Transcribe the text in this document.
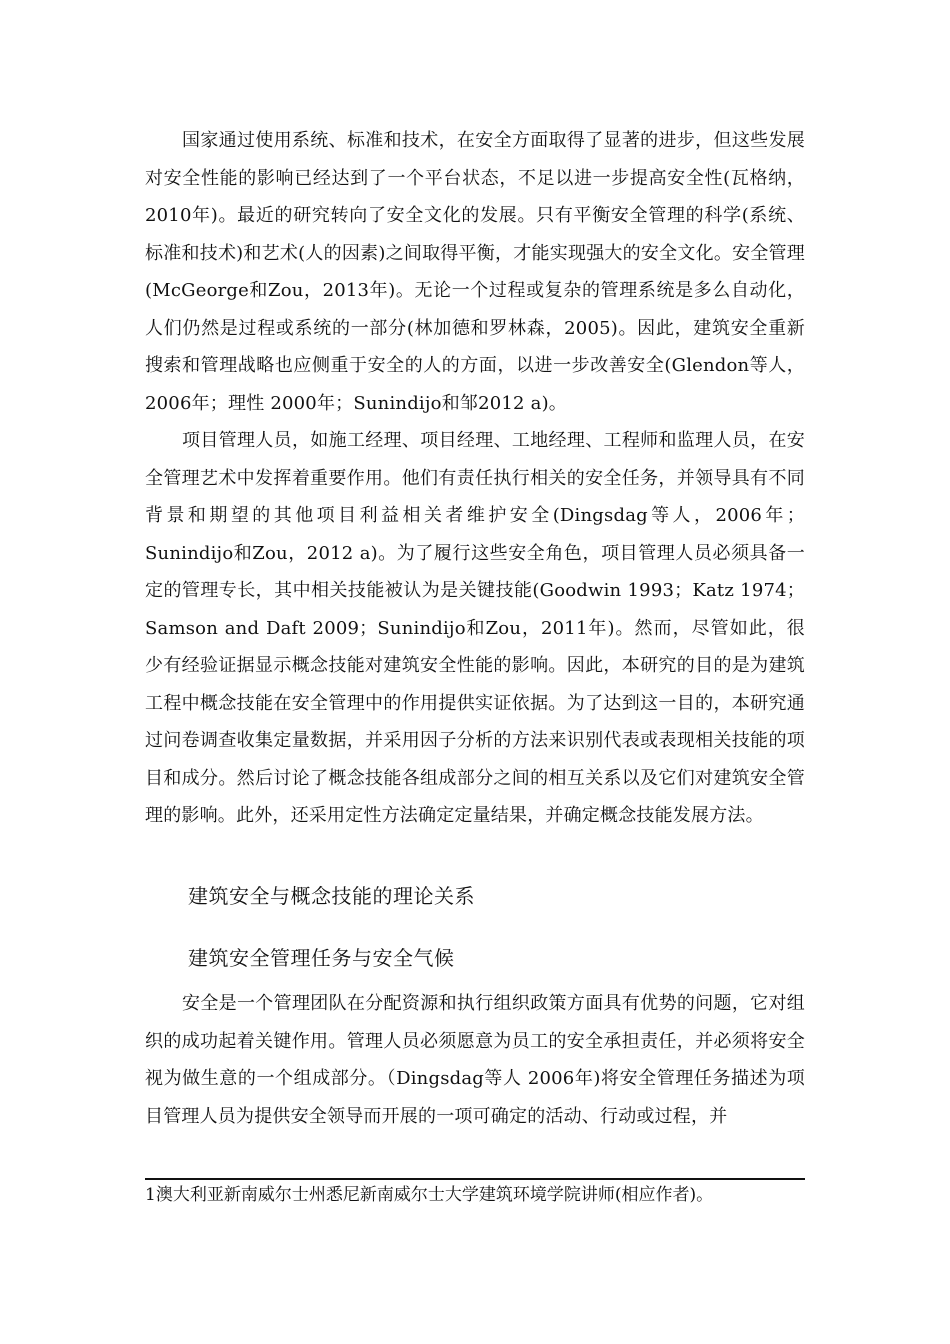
国家通过使用系统、标准和技术，在安全方面取得了显著的进步，但这些发展对安全性能的影响已经达到了一个平台状态，不足以进一步提高安全性(瓦格纳，2010年)。最近的研究转向了安全文化的发展。只有平衡安全管理的科学(系统、标准和技术)和艺术(人的因素)之间取得平衡，才能实现强大的安全文化。安全管理(McGeorge和Zou，2013年)。无论一个过程或复杂的管理系统是多么自动化，人们仍然是过程或系统的一部分(林加德和罗林森，2005)。因此，建筑安全重新搜索和管理战略也应侧重于安全的人的方面，以进一步改善安全(Glendon等人，2006年；理性 2000年；Sunindijo和邹2012 a)。

项目管理人员，如施工经理、项目经理、工地经理、工程师和监理人员，在安全管理艺术中发挥着重要作用。他们有责任执行相关的安全任务，并领导具有不同背景和期望的其他项目利益相关者维护安全(Dingsdag等人，2006年；Sunindijo和Zou，2012 a)。为了履行这些安全角色，项目管理人员必须具备一定的管理专长，其中相关技能被认为是关键技能(Goodwin 1993；Katz 1974；Samson and Daft 2009；Sunindijo和Zou，2011年)。然而，尽管如此，很少有经验证据显示概念技能对建筑安全性能的影响。因此，本研究的目的是为建筑工程中概念技能在安全管理中的作用提供实证依据。为了达到这一目的，本研究通过问卷调查收集定量数据，并采用因子分析的方法来识别代表或表现相关技能的项目和成分。然后讨论了概念技能各组成部分之间的相互关系以及它们对建筑安全管理的影响。此外，还采用定性方法确定定量结果，并确定概念技能发展方法。

建筑安全与概念技能的理论关系
建筑安全管理任务与安全气候

安全是一个管理团队在分配资源和执行组织政策方面具有优势的问题，它对组织的成功起着关键作用。管理人员必须愿意为员工的安全承担责任，并必须将安全视为做生意的一个组成部分。（Dingsdag等人 2006年)将安全管理任务描述为项目管理人员为提供安全领导而开展的一项可确定的活动、行动或过程，并

1澳大利亚新南威尔士州悉尼新南威尔士大学建筑环境学院讲师(相应作者)。
